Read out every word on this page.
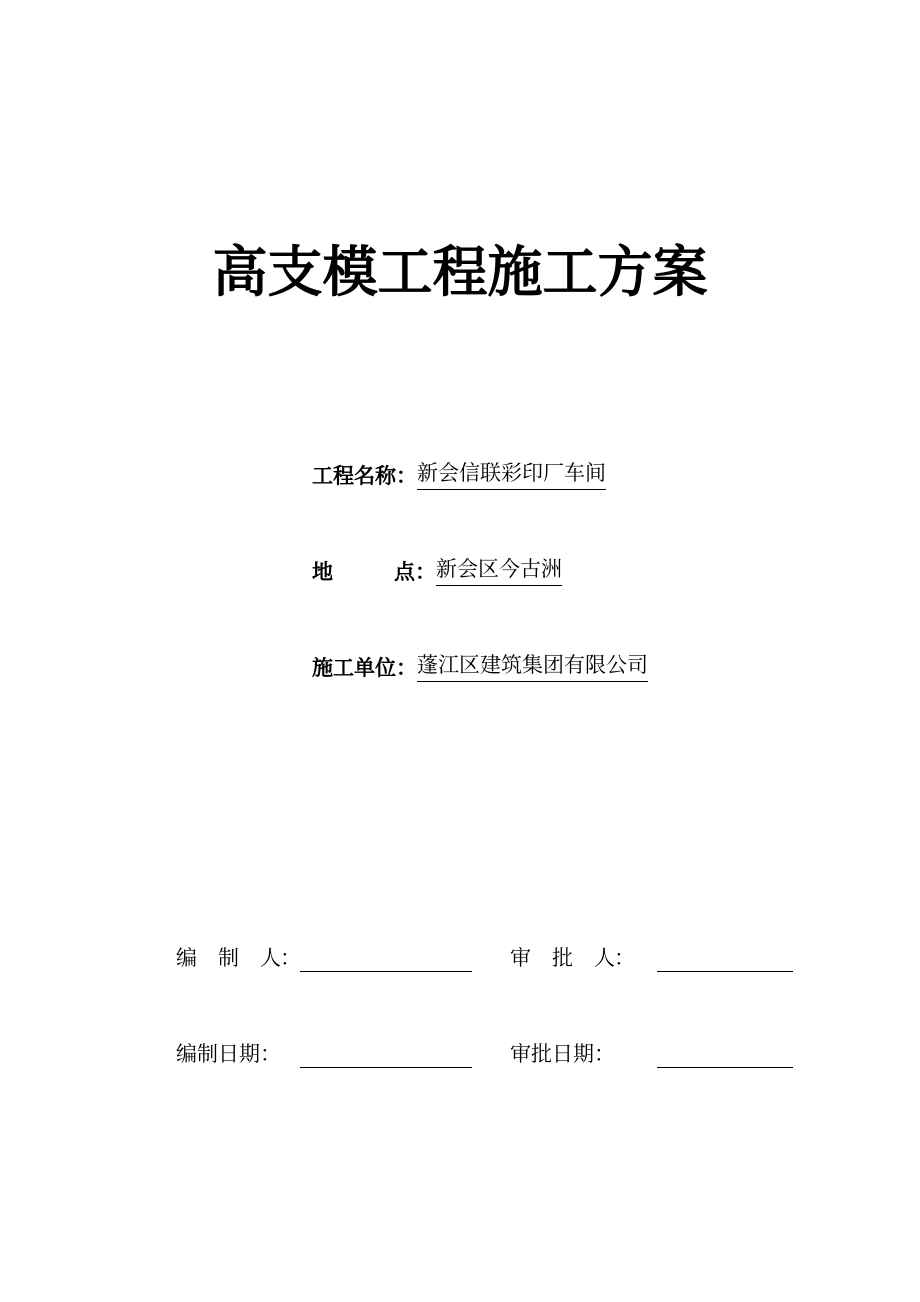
高支模工程施工方案
工程名称：新会信联彩印厂车间
地	点： 新会区今古洲
施工单位：蓬江区建筑集团有限公司
编 制 人 ：	审 批 人 ：
编制日期：	审批日期：
